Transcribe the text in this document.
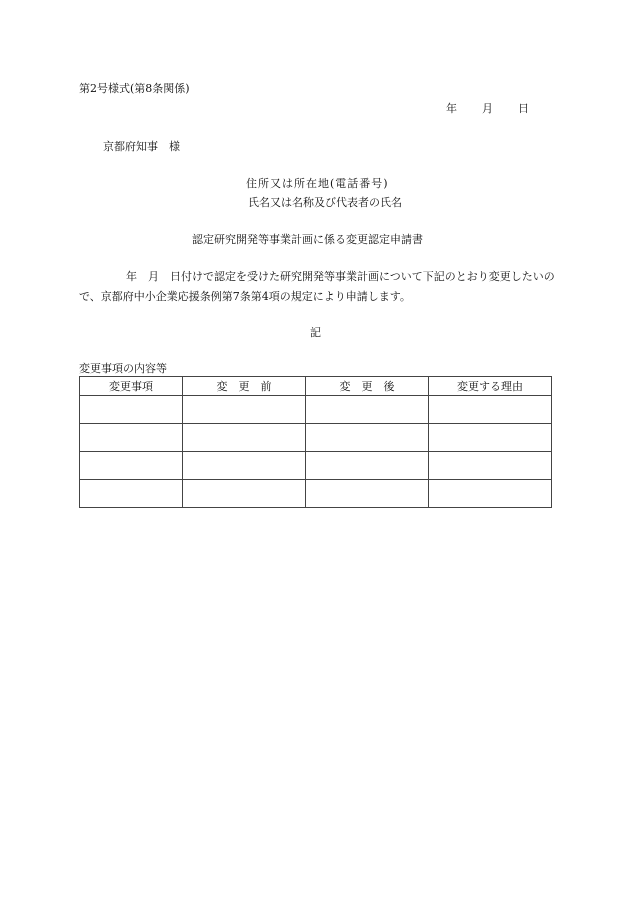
第2号様式(第8条関係)
年 月 日
京都府知事　様
住所又は所在地(電話番号)
氏名又は名称及び代表者の氏名
認定研究開発等事業計画に係る変更認定申請書
年　月　日付けで認定を受けた研究開発等事業計画について下記のとおり変更したいので、京都府中小企業応援条例第7条第4項の規定により申請します。
記
変更事項の内容等
変更事項	変　更　前	変　更　後	変更する理由
